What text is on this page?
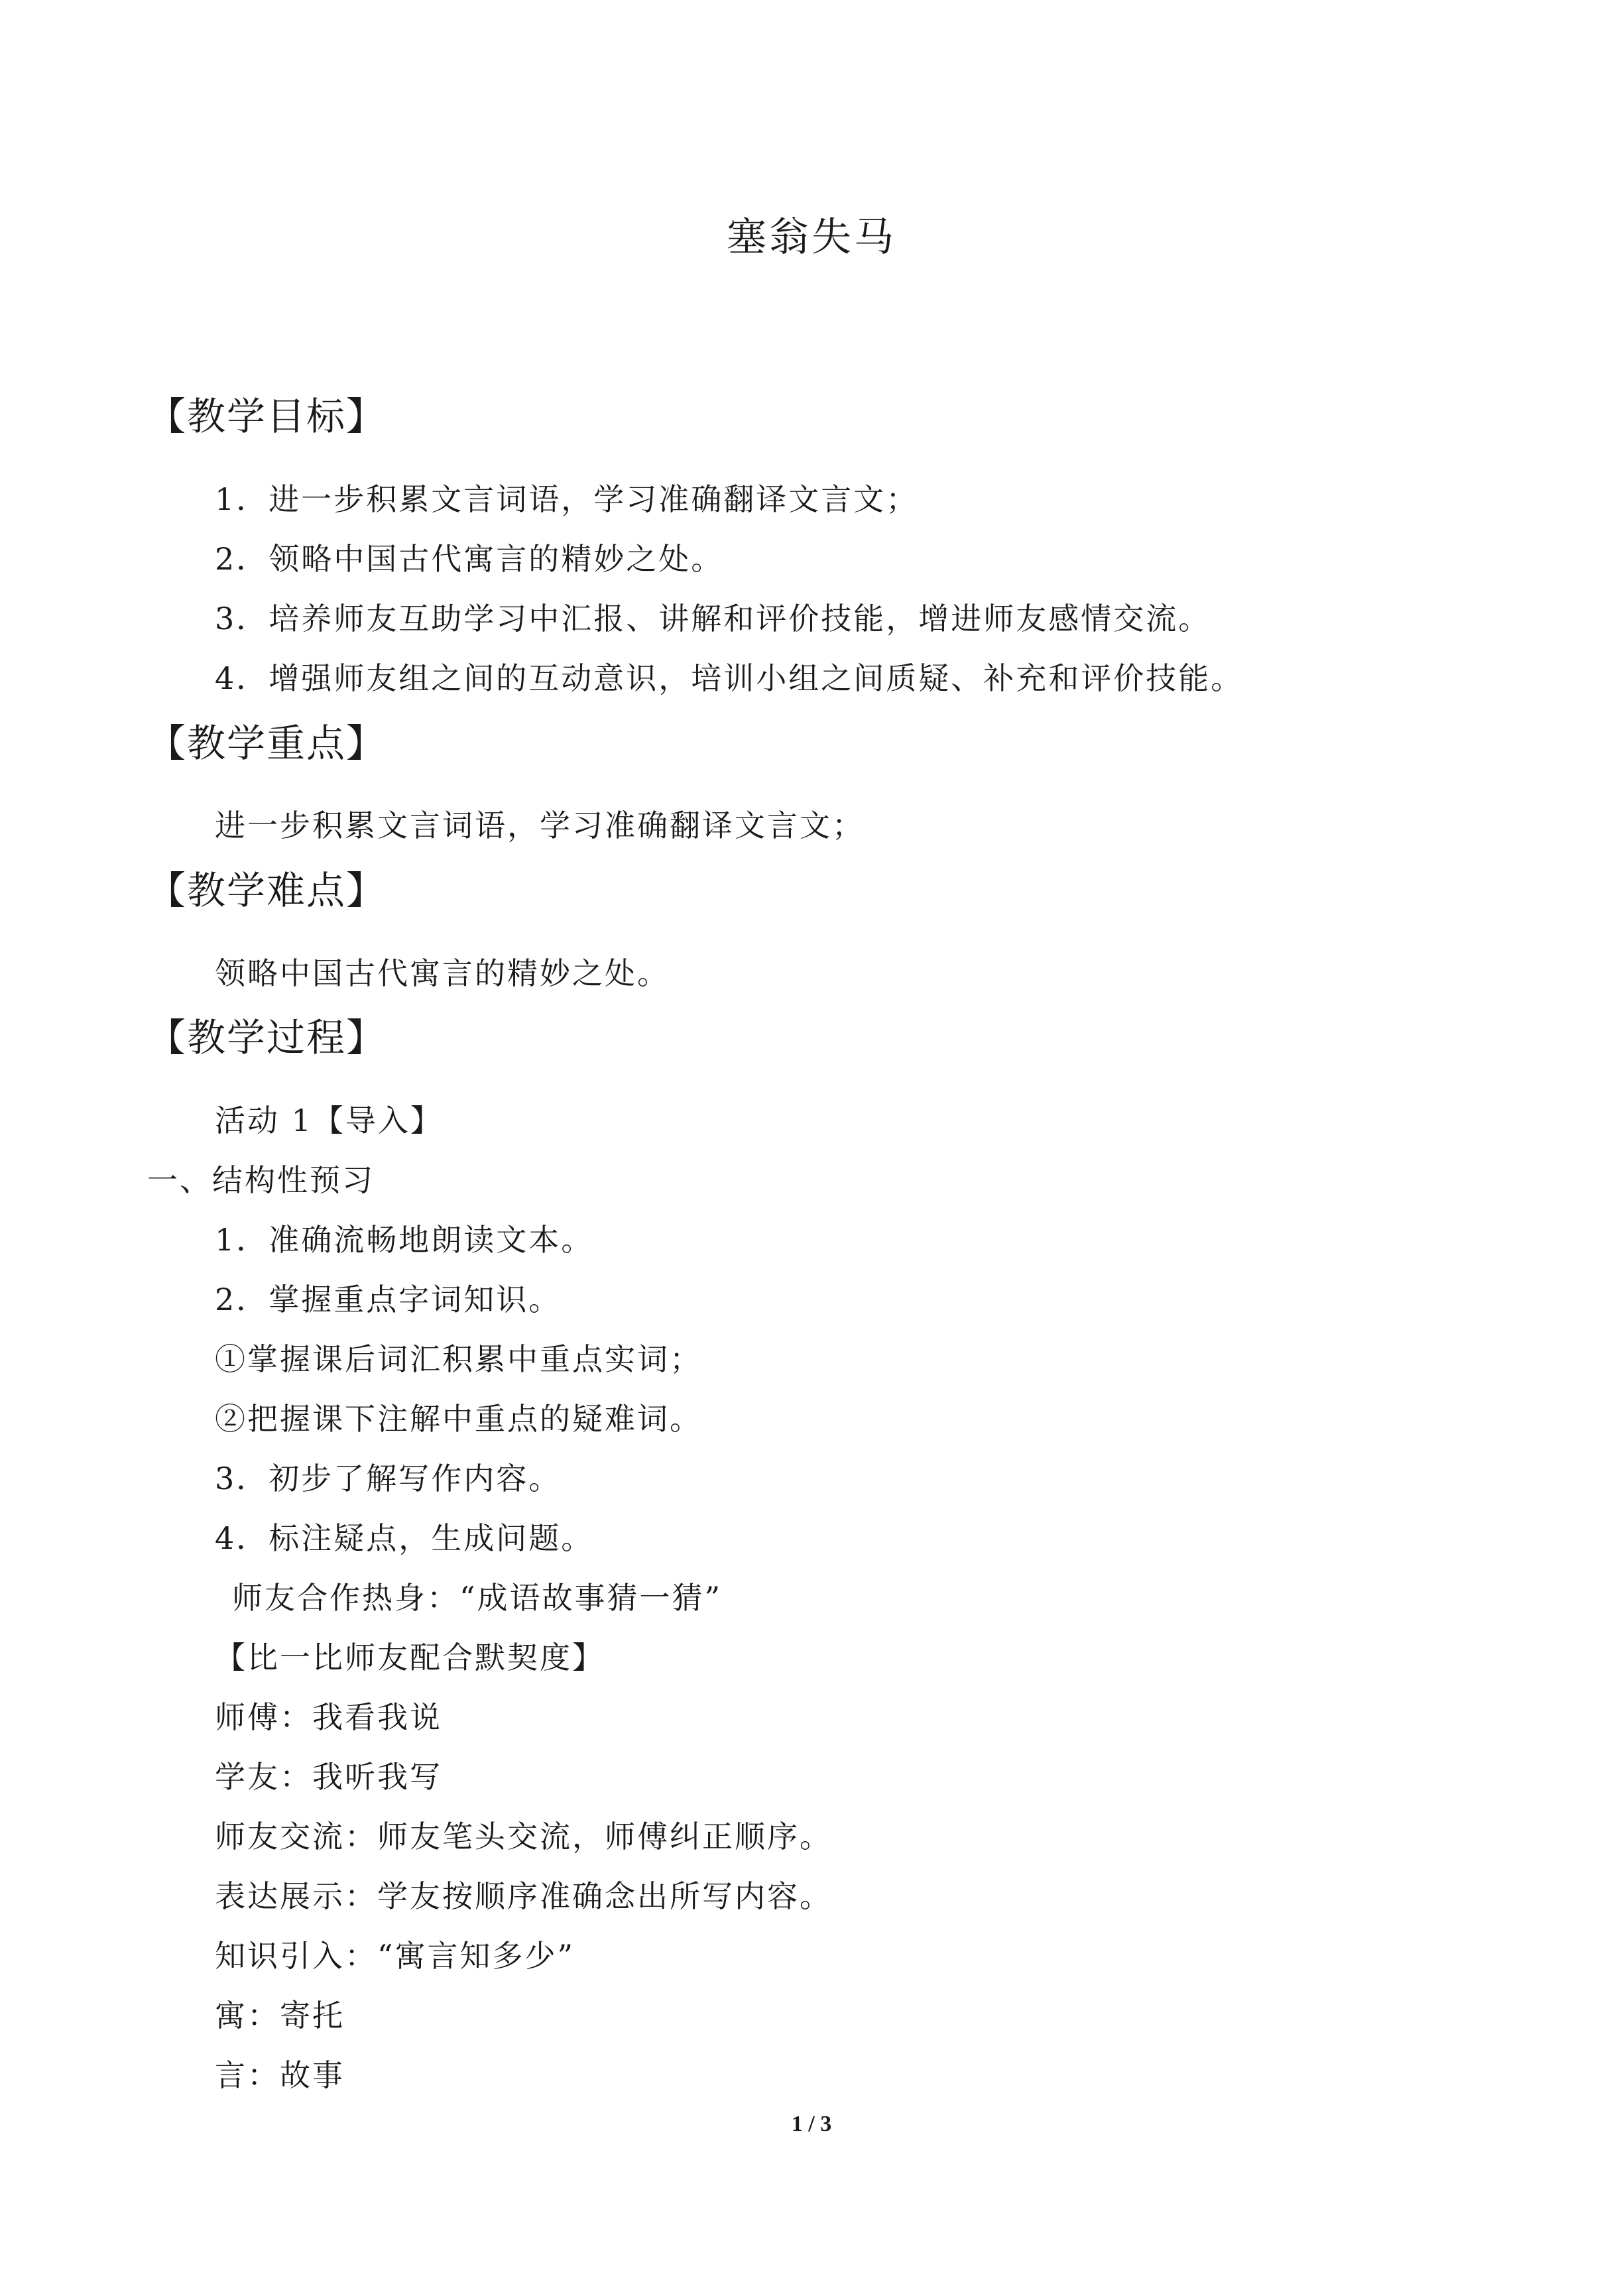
塞翁失马
【教学目标】
1．进一步积累文言词语，学习准确翻译文言文；
2．领略中国古代寓言的精妙之处。
3．培养师友互助学习中汇报、讲解和评价技能，增进师友感情交流。
4．增强师友组之间的互动意识，培训小组之间质疑、补充和评价技能。
【教学重点】
进一步积累文言词语，学习准确翻译文言文；
【教学难点】
领略中国古代寓言的精妙之处。
【教学过程】
活动 1【导入】
一、结构性预习
1．准确流畅地朗读文本。
2．掌握重点字词知识。
①掌握课后词汇积累中重点实词；
②把握课下注解中重点的疑难词。
3．初步了解写作内容。
4．标注疑点，生成问题。
师友合作热身：“成语故事猜一猜”
【比一比师友配合默契度】
师傅：我看我说
学友：我听我写
师友交流：师友笔头交流，师傅纠正顺序。
表达展示：学友按顺序准确念出所写内容。
知识引入：“寓言知多少”
寓：寄托
言：故事
1 / 3
